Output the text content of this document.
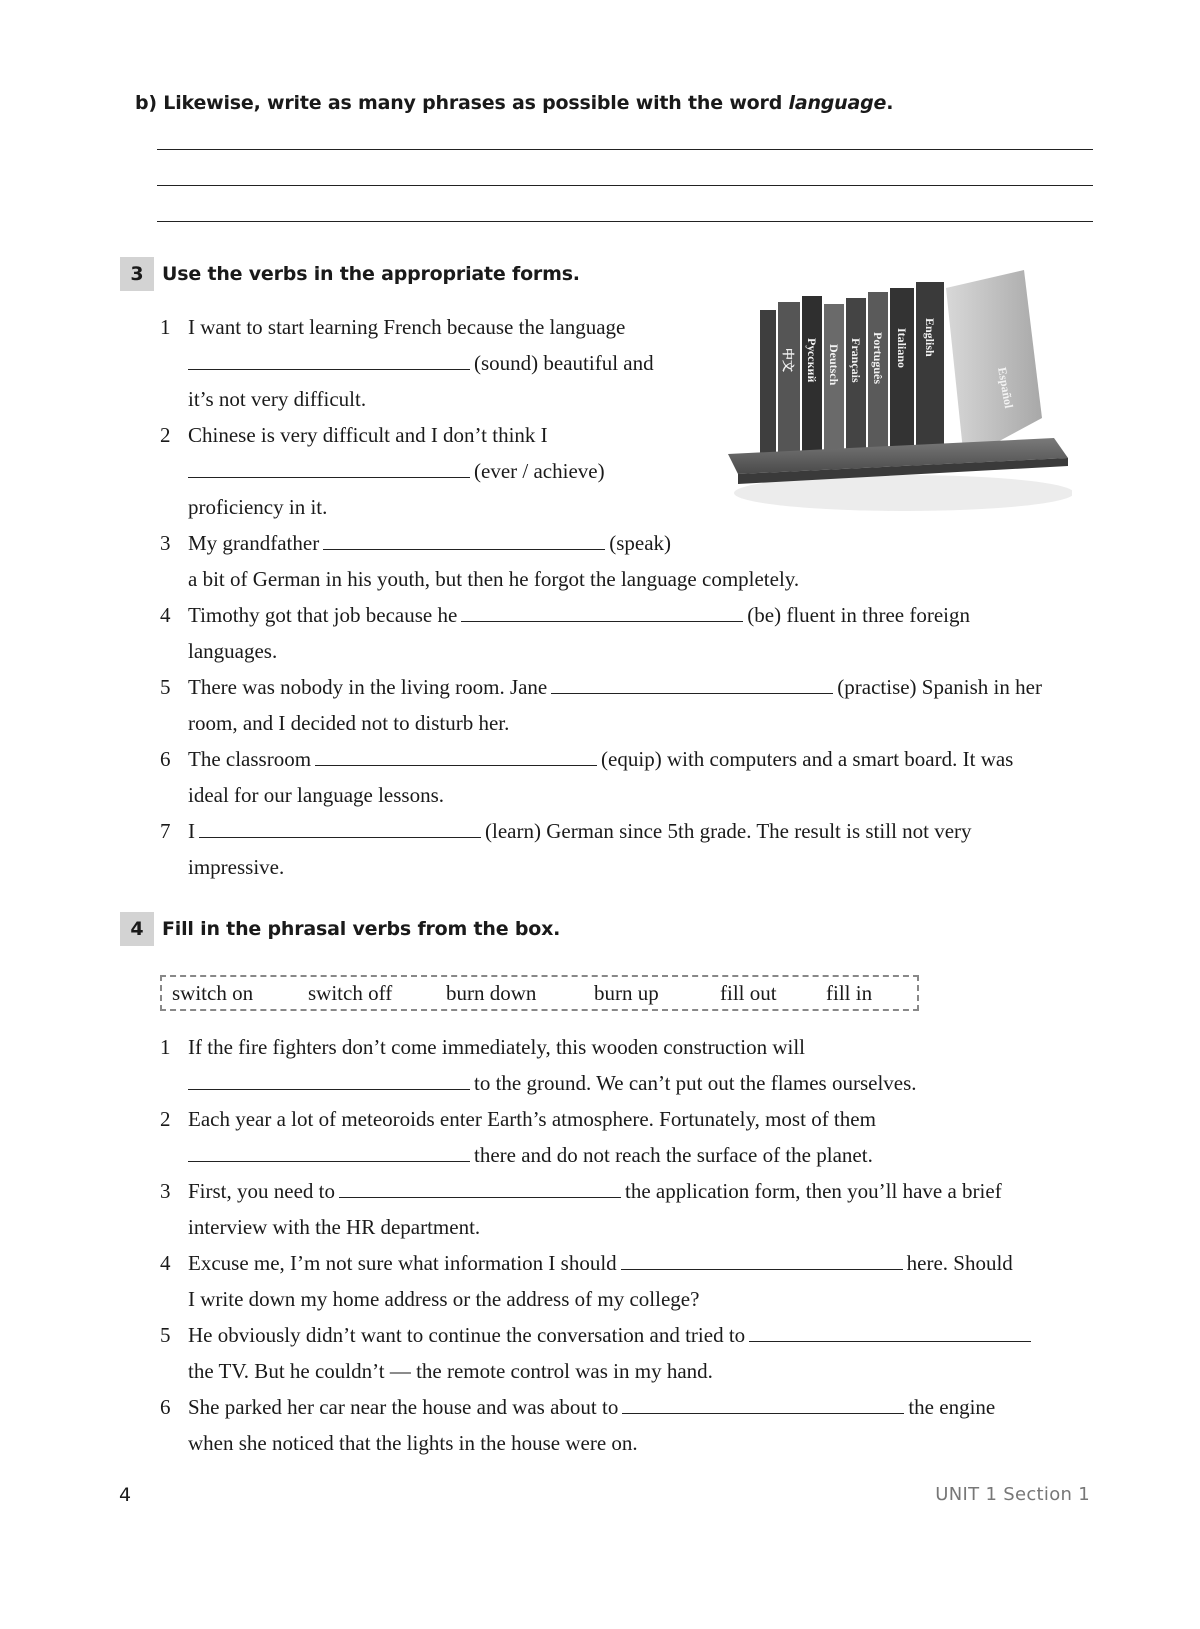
b) Likewise, write as many phrases as possible with the word language.
3 Use the verbs in the appropriate forms.
1 I want to start learning French because the language
(sound) beautiful and
it’s not very difficult.
2 Chinese is very difficult and I don’t think I
(ever / achieve)
proficiency in it.
3 My grandfather	(speak)
a bit of German in his youth, but then he forgot the language completely.
4 Timothy got that job because he	(be) fluent in three foreign
languages.
5 There was nobody in the living room. Jane	(practise) Spanish in her
room, and I decided not to disturb her.
6 The classroom	(equip) with computers and a smart board. It was
ideal for our language lessons.
7 I	(learn) German since 5th grade. The result is still not very
impressive.
Español
English
Italiano
Português
Français
Deutsch
Русский
中文
4 Fill in the phrasal verbs from the box.
switch on	switch off	burn down	burn up	fill out fill in
1 If the fire fighters don’t come immediately, this wooden construction will
to the ground. We can’t put out the flames ourselves.
2 Each year a lot of meteoroids enter Earth’s atmosphere. Fortunately, most of them
there and do not reach the surface of the planet.
3 First, you need to	the application form, then you’ll have a brief
interview with the HR department.
4 Excuse me, I’m not sure what information I should	here. Should
I write down my home address or the address of my college?
5 He obviously didn’t want to continue the conversation and tried to
the TV. But he couldn’t — the remote control was in my hand.
6 She parked her car near the house and was about to	the engine
when she noticed that the lights in the house were on.
4	UNIT 1 Section 1
